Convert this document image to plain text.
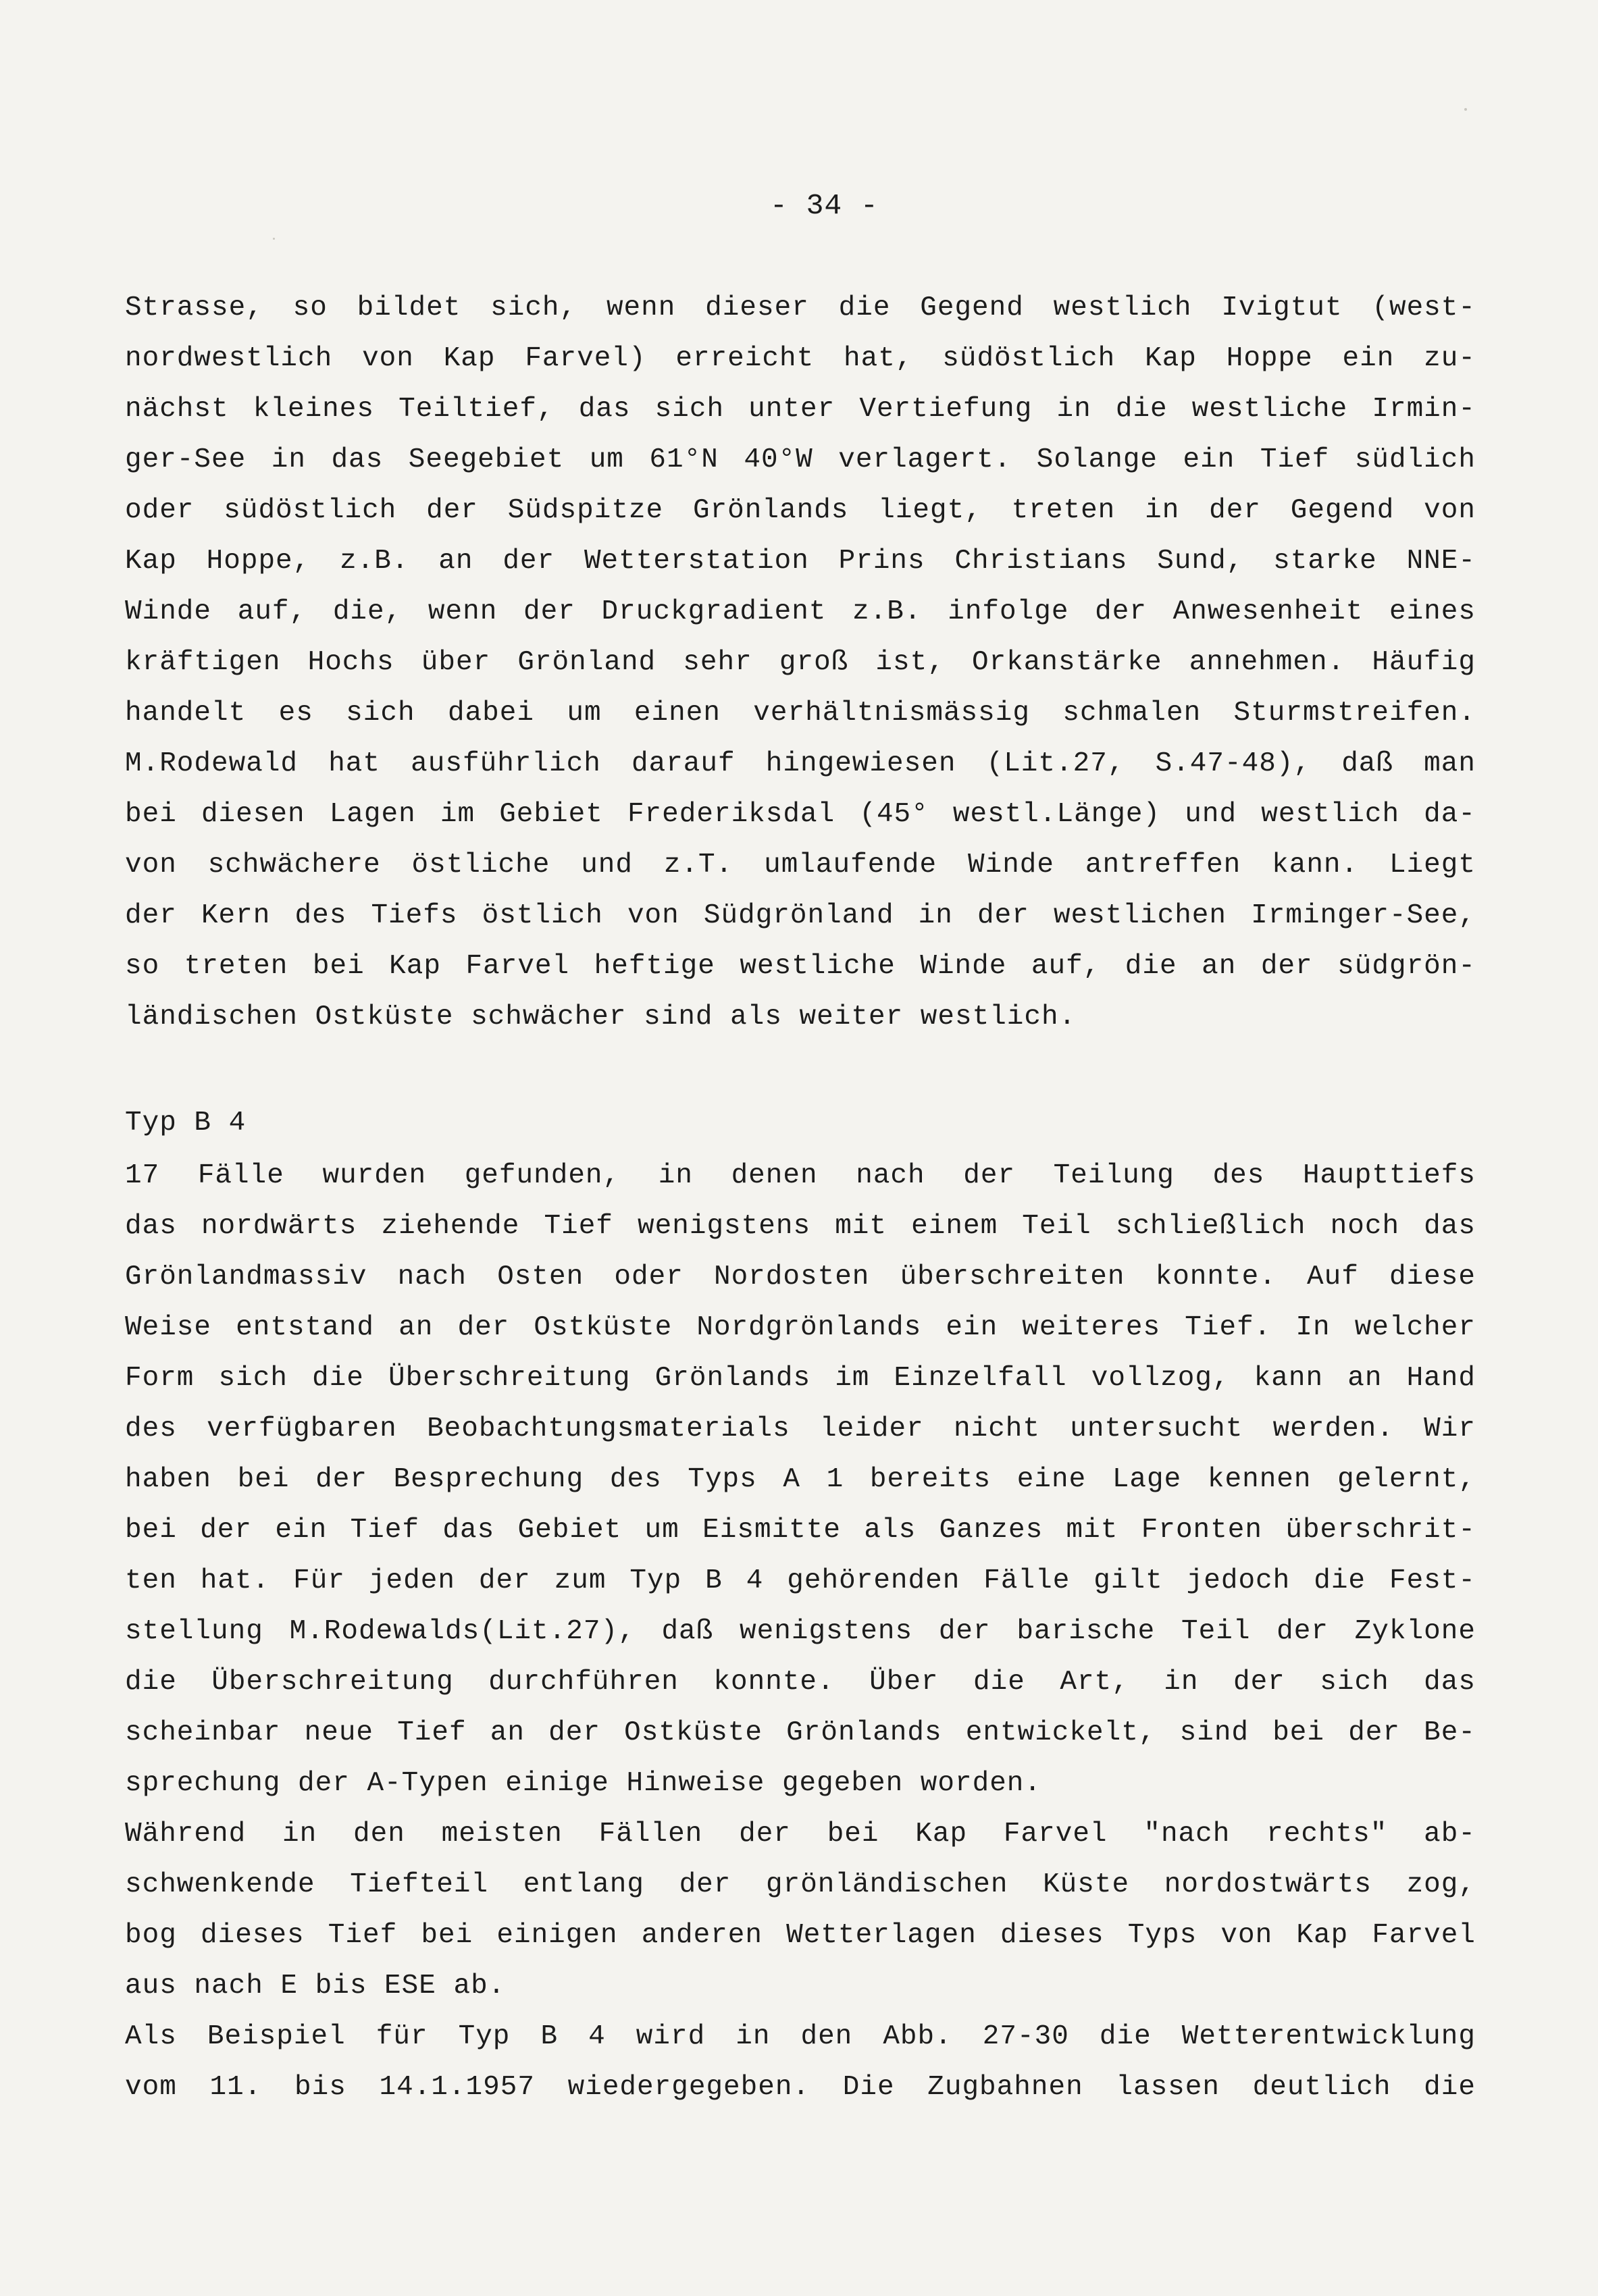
- 34 -
Strasse, so bildet sich, wenn dieser die Gegend westlich Ivigtut (west-
nordwestlich von Kap Farvel) erreicht hat, südöstlich Kap Hoppe ein zu-
nächst kleines Teiltief, das sich unter Vertiefung in die westliche Irmin-
ger-See in das Seegebiet um 61°N 40°W verlagert. Solange ein Tief südlich
oder südöstlich der Südspitze Grönlands liegt, treten in der Gegend von
Kap Hoppe, z.B. an der Wetterstation Prins Christians Sund, starke NNE-
Winde auf, die, wenn der Druckgradient z.B. infolge der Anwesenheit eines
kräftigen Hochs über Grönland sehr groß ist, Orkanstärke annehmen. Häufig
handelt es sich dabei um einen verhältnismässig schmalen Sturmstreifen.
M.Rodewald hat ausführlich darauf hingewiesen (Lit.27, S.47-48), daß man
bei diesen Lagen im Gebiet Frederiksdal (45° westl.Länge) und westlich da-
von schwächere östliche und z.T. umlaufende Winde antreffen kann. Liegt
der Kern des Tiefs östlich von Südgrönland in der westlichen Irminger-See,
so treten bei Kap Farvel heftige westliche Winde auf, die an der südgrön-
ländischen Ostküste schwächer sind als weiter westlich.
Typ B 4
17 Fälle wurden gefunden, in denen nach der Teilung des Haupttiefs
das nordwärts ziehende Tief wenigstens mit einem Teil schließlich noch das
Grönlandmassiv nach Osten oder Nordosten überschreiten konnte. Auf diese
Weise entstand an der Ostküste Nordgrönlands ein weiteres Tief. In welcher
Form sich die Überschreitung Grönlands im Einzelfall vollzog, kann an Hand
des verfügbaren Beobachtungsmaterials leider nicht untersucht werden. Wir
haben bei der Besprechung des Typs A 1 bereits eine Lage kennen gelernt,
bei der ein Tief das Gebiet um Eismitte als Ganzes mit Fronten überschrit-
ten hat. Für jeden der zum Typ B 4 gehörenden Fälle gilt jedoch die Fest-
stellung M.Rodewalds(Lit.27), daß wenigstens der barische Teil der Zyklone
die Überschreitung durchführen konnte. Über die Art, in der sich das
scheinbar neue Tief an der Ostküste Grönlands entwickelt, sind bei der Be-
sprechung der A-Typen einige Hinweise gegeben worden.
Während in den meisten Fällen der bei Kap Farvel "nach rechts" ab-
schwenkende Tiefteil entlang der grönländischen Küste nordostwärts zog,
bog dieses Tief bei einigen anderen Wetterlagen dieses Typs von Kap Farvel
aus nach E bis ESE ab.
Als Beispiel für Typ B 4 wird in den Abb. 27-30 die Wetterentwicklung
vom 11. bis 14.1.1957 wiedergegeben. Die Zugbahnen lassen deutlich die
